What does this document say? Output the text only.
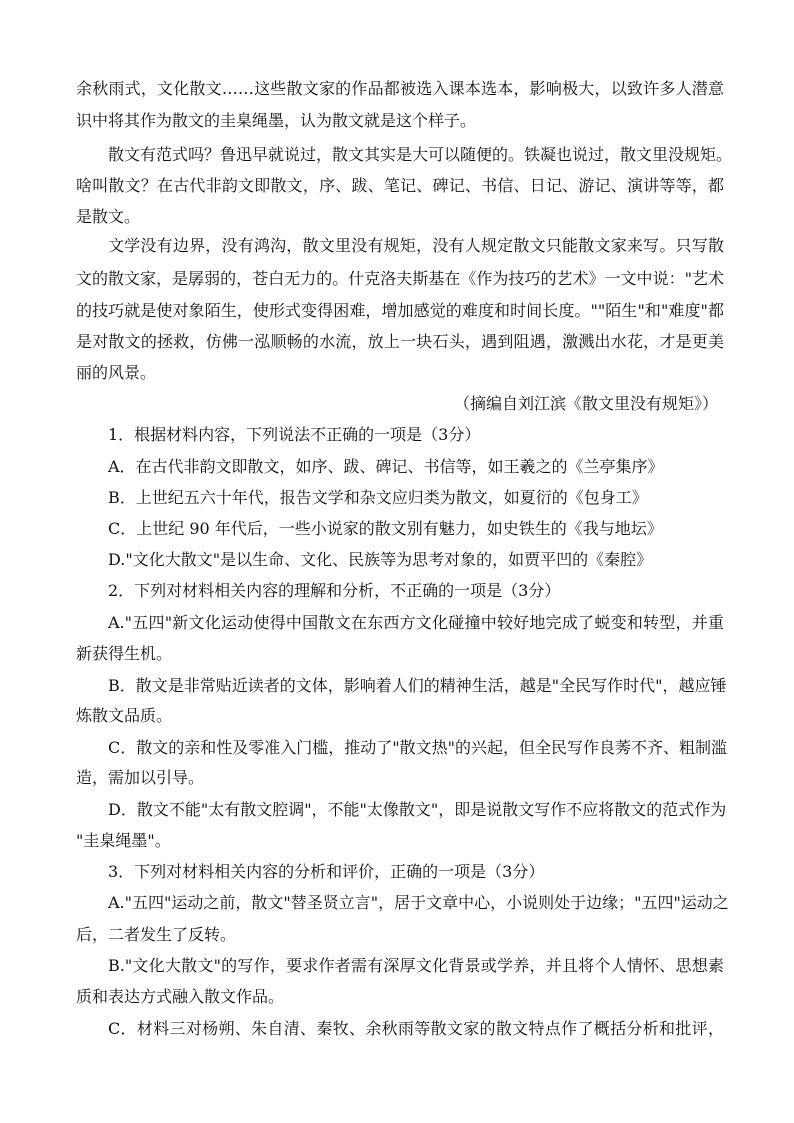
余秋雨式，文化散文……这些散文家的作品都被选入课本选本，影响极大，以致许多人潜意
识中将其作为散文的圭臬绳墨，认为散文就是这个样子。
散文有范式吗？鲁迅早就说过，散文其实是大可以随便的。铁凝也说过，散文里没规矩。
啥叫散文？在古代非韵文即散文，序、跋、笔记、碑记、书信、日记、游记、演讲等等，都
是散文。
文学没有边界，没有鸿沟，散文里没有规矩，没有人规定散文只能散文家来写。只写散
文的散文家，是孱弱的，苍白无力的。什克洛夫斯基在《作为技巧的艺术》一文中说："艺术
的技巧就是使对象陌生，使形式变得困难，增加感觉的难度和时间长度。""陌生"和"难度"都
是对散文的拯救，仿佛一泓顺畅的水流，放上一块石头，遇到阻遇，激溅出水花，才是更美
丽的风景。
（摘编自刘江滨《散文里没有规矩》）
1．根据材料内容，下列说法不正确的一项是（3分）
A．在古代非韵文即散文，如序、跋、碑记、书信等，如王羲之的《兰亭集序》
B．上世纪五六十年代，报告文学和杂文应归类为散文，如夏衍的《包身工》
C．上世纪 90 年代后，一些小说家的散文别有魅力，如史铁生的《我与地坛》
D."文化大散文"是以生命、文化、民族等为思考对象的，如贾平凹的《秦腔》
2．下列对材料相关内容的理解和分析，不正确的一项是（3分）
A."五四"新文化运动使得中国散文在东西方文化碰撞中较好地完成了蜕变和转型，并重
新获得生机。
B．散文是非常贴近读者的文体，影响着人们的精神生活，越是"全民写作时代"，越应锤
炼散文品质。
C．散文的亲和性及零准入门槛，推动了"散文热"的兴起，但全民写作良莠不齐、粗制滥
造，需加以引导。
D．散文不能"太有散文腔调"，不能"太像散文"，即是说散文写作不应将散文的范式作为
"圭臬绳墨"。
3．下列对材料相关内容的分析和评价，正确的一项是（3分）
A."五四"运动之前，散文"替圣贤立言"，居于文章中心，小说则处于边缘；"五四"运动之
后，二者发生了反转。
B."文化大散文"的写作，要求作者需有深厚文化背景或学养，并且将个人情怀、思想素
质和表达方式融入散文作品。
C．材料三对杨朔、朱自清、秦牧、余秋雨等散文家的散文特点作了概括分析和批评，
